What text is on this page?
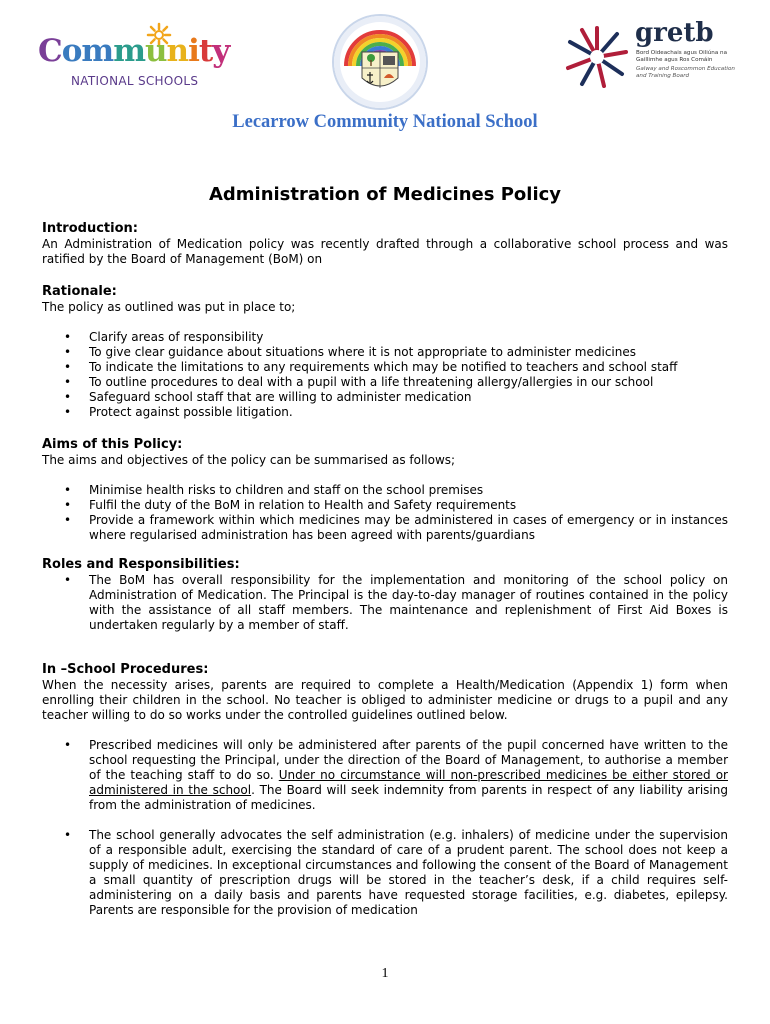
Community
NATIONAL SCHOOLS
gretb
Bord Oideachais agus Oiliúna na Gaillimhe agus Ros Comáin
Galway and Roscommon Education and Training Board
Lecarrow Community National School
Administration of Medicines Policy
Introduction:

An Administration of Medication policy was recently drafted through a collaborative school process and was ratified by the Board of Management (BoM) on

Rationale:

The policy as outlined was put in place to;

• Clarify areas of responsibility
• To give clear guidance about situations where it is not appropriate to administer medicines
• To indicate the limitations to any requirements which may be notified to teachers and school staff
• To outline procedures to deal with a pupil with a life threatening allergy/allergies in our school
• Safeguard school staff that are willing to administer medication
• Protect against possible litigation.
Aims of this Policy:

The aims and objectives of the policy can be summarised as follows;

• Minimise health risks to children and staff on the school premises
• Fulfil the duty of the BoM in relation to Health and Safety requirements
• Provide a framework within which medicines may be administered in cases of emergency or in instances where regularised administration has been agreed with parents/guardians
Roles and Responsibilities:
• The BoM has overall responsibility for the implementation and monitoring of the school policy on Administration of Medication. The Principal is the day-to-day manager of routines contained in the policy with the assistance of all staff members. The maintenance and replenishment of First Aid Boxes is undertaken regularly by a member of staff.
In –School Procedures:

When the necessity arises, parents are required to complete a Health/Medication (Appendix 1) form when enrolling their children in the school. No teacher is obliged to administer medicine or drugs to a pupil and any teacher willing to do so works under the controlled guidelines outlined below.

• Prescribed medicines will only be administered after parents of the pupil concerned have written to the school requesting the Principal, under the direction of the Board of Management, to authorise a member of the teaching staff to do so. Under no circumstance will non-prescribed medicines be either stored or administered in the school. The Board will seek indemnity from parents in respect of any liability arising from the administration of medicines.
• The school generally advocates the self administration (e.g. inhalers) of medicine under the supervision of a responsible adult, exercising the standard of care of a prudent parent. The school does not keep a supply of medicines. In exceptional circumstances and following the consent of the Board of Management a small quantity of prescription drugs will be stored in the teacher’s desk, if a child requires self-administering on a daily basis and parents have requested storage facilities, e.g. diabetes, epilepsy. Parents are responsible for the provision of medication
1
